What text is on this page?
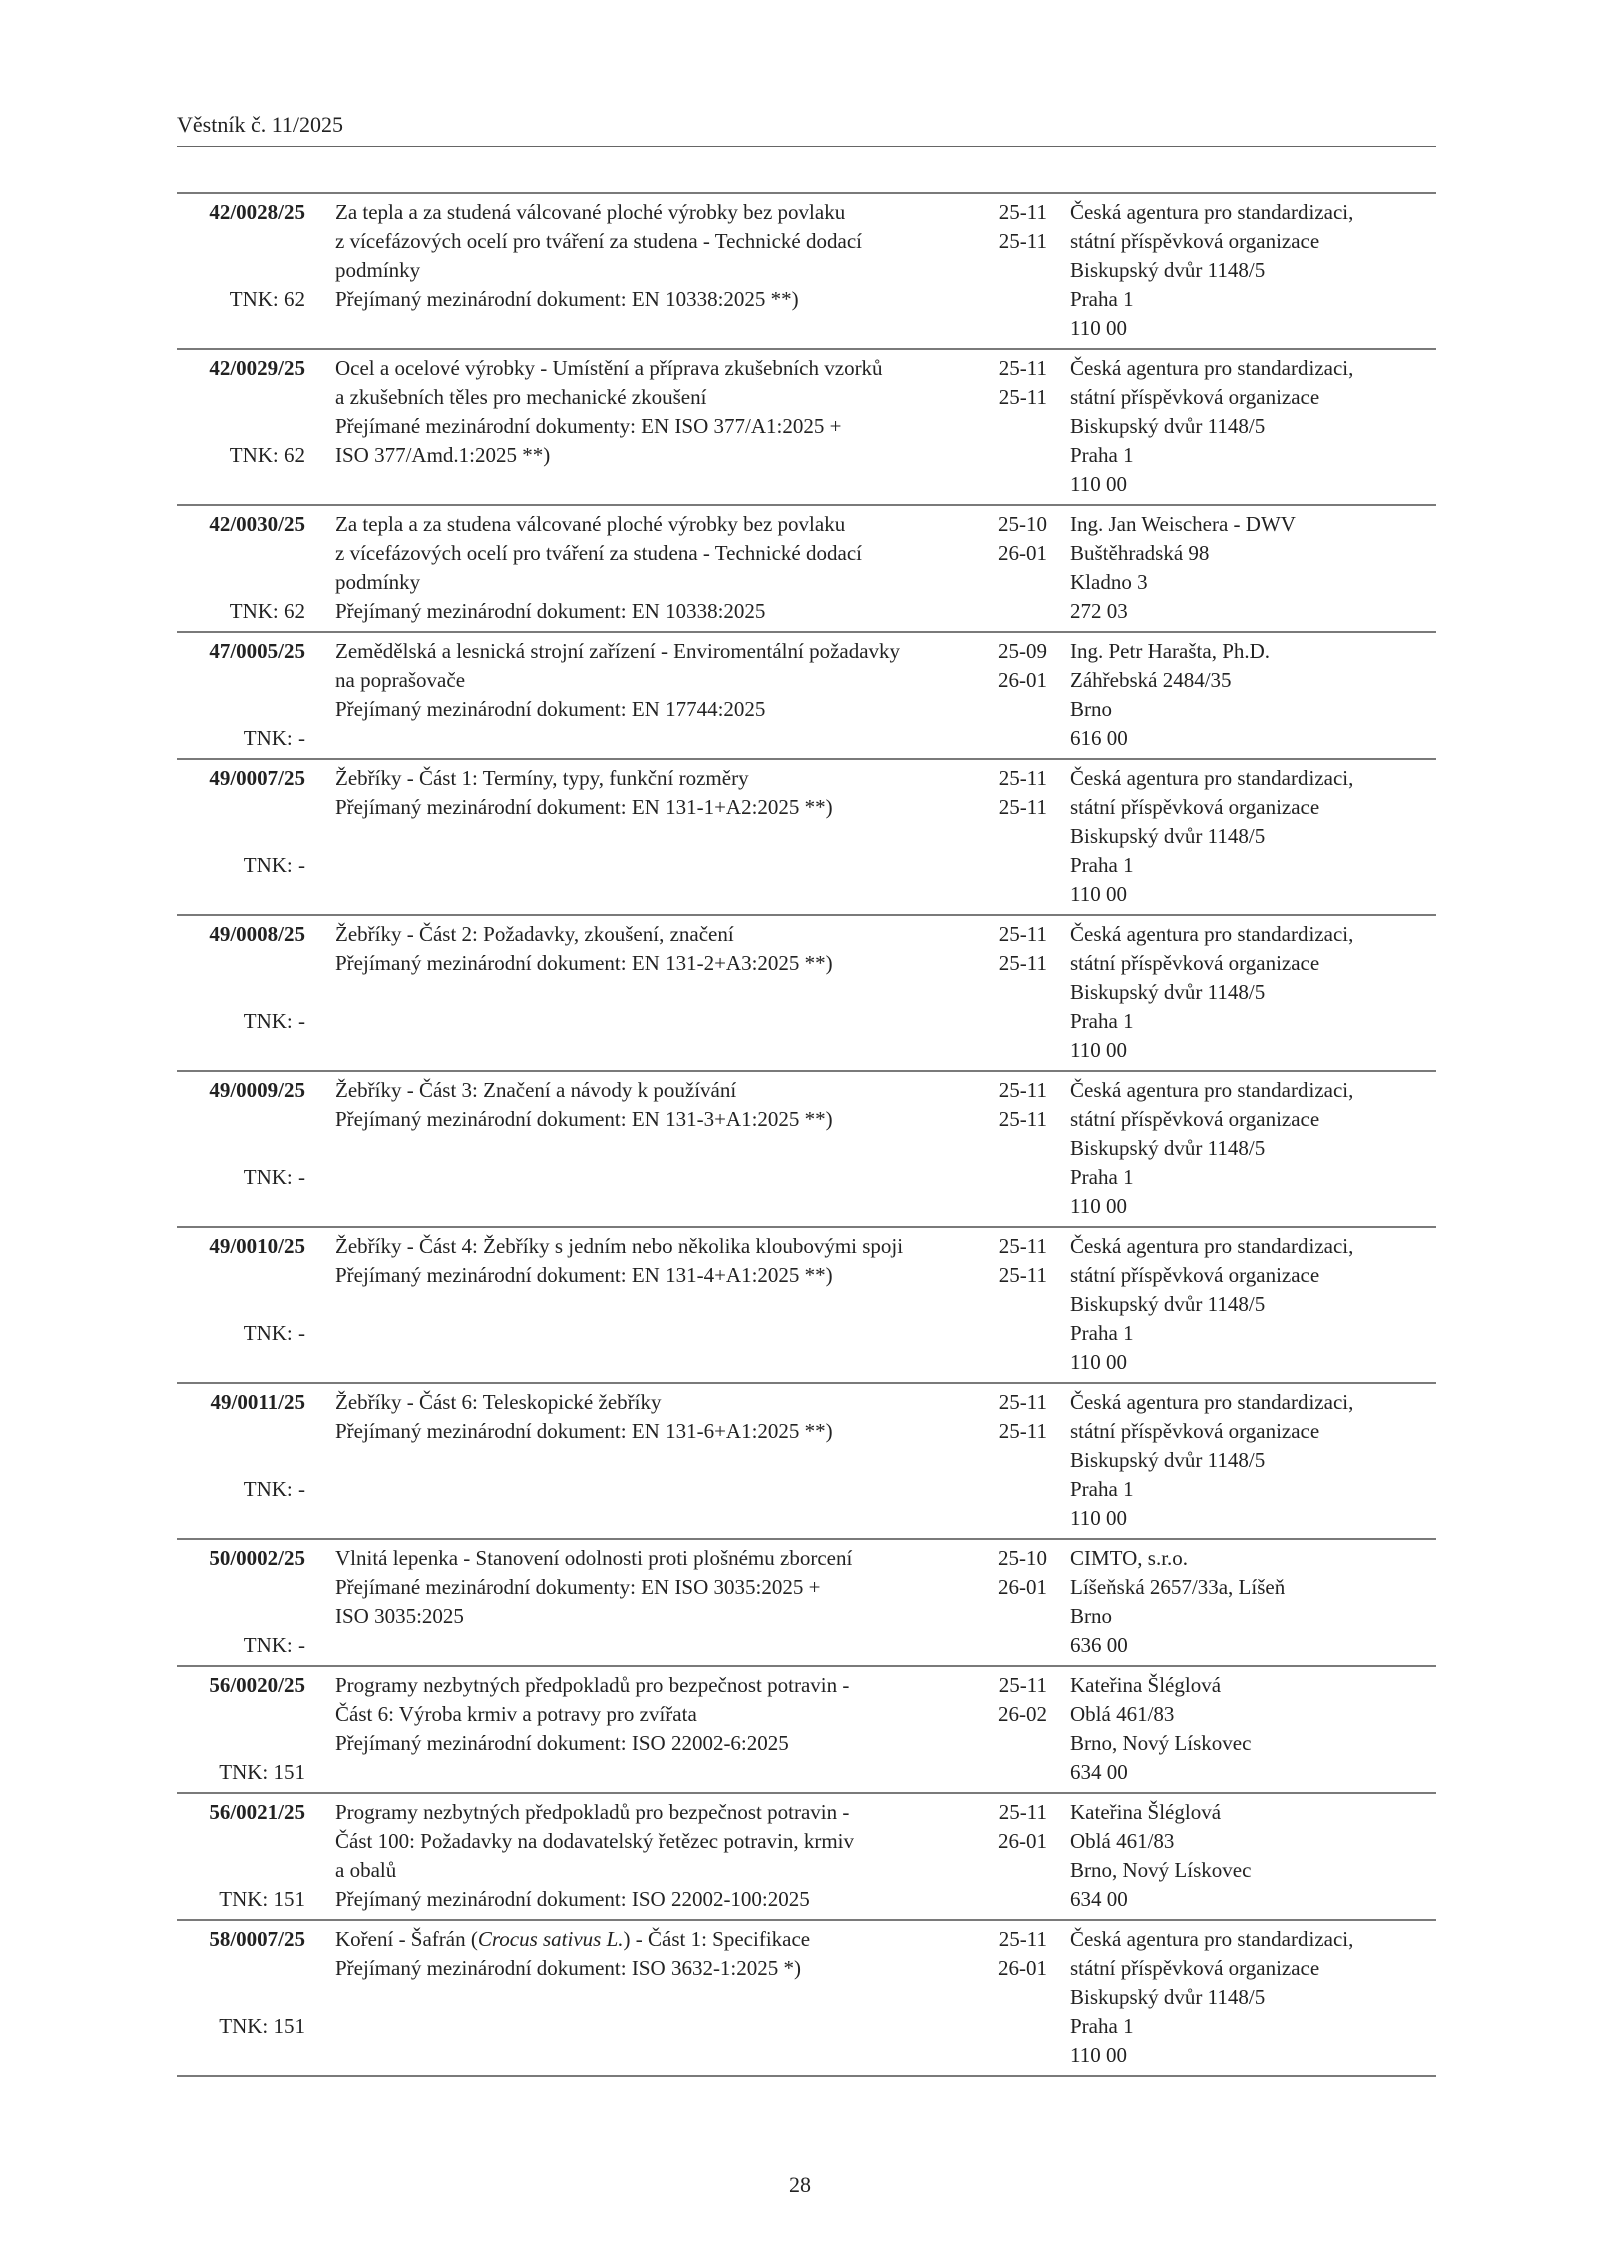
Věstník č. 11/2025
42/0028/25
TNK: 62
Za tepla a za studená válcované ploché výrobky bez povlaku
z vícefázových ocelí pro tváření za studena - Technické dodací
podmínky
Přejímaný mezinárodní dokument: EN 10338:2025 **)
25-11
25-11
Česká agentura pro standardizaci,
státní příspěvková organizace
Biskupský dvůr 1148/5
Praha 1
110 00
42/0029/25
TNK: 62
Ocel a ocelové výrobky - Umístění a příprava zkušebních vzorků
a zkušebních těles pro mechanické zkoušení
Přejímané mezinárodní dokumenty: EN ISO 377/A1:2025 +
ISO 377/Amd.1:2025 **)
25-11
25-11
Česká agentura pro standardizaci,
státní příspěvková organizace
Biskupský dvůr 1148/5
Praha 1
110 00
42/0030/25
TNK: 62
Za tepla a za studena válcované ploché výrobky bez povlaku
z vícefázových ocelí pro tváření za studena - Technické dodací
podmínky
Přejímaný mezinárodní dokument: EN 10338:2025
25-10
26-01
Ing. Jan Weischera - DWV
Buštěhradská 98
Kladno 3
272 03
47/0005/25
TNK: -
Zemědělská a lesnická strojní zařízení - Enviromentální požadavky
na poprašovače
Přejímaný mezinárodní dokument: EN 17744:2025
25-09
26-01
Ing. Petr Harašta, Ph.D.
Záhřebská 2484/35
Brno
616 00
49/0007/25
TNK: -
Žebříky - Část 1: Termíny, typy, funkční rozměry
Přejímaný mezinárodní dokument: EN 131-1+A2:2025 **)
25-11
25-11
Česká agentura pro standardizaci,
státní příspěvková organizace
Biskupský dvůr 1148/5
Praha 1
110 00
49/0008/25
TNK: -
Žebříky - Část 2: Požadavky, zkoušení, značení
Přejímaný mezinárodní dokument: EN 131-2+A3:2025 **)
25-11
25-11
Česká agentura pro standardizaci,
státní příspěvková organizace
Biskupský dvůr 1148/5
Praha 1
110 00
49/0009/25
TNK: -
Žebříky - Část 3: Značení a návody k používání
Přejímaný mezinárodní dokument: EN 131-3+A1:2025 **)
25-11
25-11
Česká agentura pro standardizaci,
státní příspěvková organizace
Biskupský dvůr 1148/5
Praha 1
110 00
49/0010/25
TNK: -
Žebříky - Část 4: Žebříky s jedním nebo několika kloubovými spoji
Přejímaný mezinárodní dokument: EN 131-4+A1:2025 **)
25-11
25-11
Česká agentura pro standardizaci,
státní příspěvková organizace
Biskupský dvůr 1148/5
Praha 1
110 00
49/0011/25
TNK: -
Žebříky - Část 6: Teleskopické žebříky
Přejímaný mezinárodní dokument: EN 131-6+A1:2025 **)
25-11
25-11
Česká agentura pro standardizaci,
státní příspěvková organizace
Biskupský dvůr 1148/5
Praha 1
110 00
50/0002/25
TNK: -
Vlnitá lepenka - Stanovení odolnosti proti plošnému zborcení
Přejímané mezinárodní dokumenty: EN ISO 3035:2025 +
ISO 3035:2025
25-10
26-01
CIMTO, s.r.o.
Líšeňská 2657/33a, Líšeň
Brno
636 00
56/0020/25
TNK: 151
Programy nezbytných předpokladů pro bezpečnost potravin -
Část 6: Výroba krmiv a potravy pro zvířata
Přejímaný mezinárodní dokument: ISO 22002-6:2025
25-11
26-02
Kateřina Šléglová
Oblá 461/83
Brno, Nový Lískovec
634 00
56/0021/25
TNK: 151
Programy nezbytných předpokladů pro bezpečnost potravin -
Část 100: Požadavky na dodavatelský řetězec potravin, krmiv
a obalů
Přejímaný mezinárodní dokument: ISO 22002-100:2025
25-11
26-01
Kateřina Šléglová
Oblá 461/83
Brno, Nový Lískovec
634 00
58/0007/25
TNK: 151
Koření - Šafrán (Crocus sativus L.) - Část 1: Specifikace
Přejímaný mezinárodní dokument: ISO 3632-1:2025 *)
25-11
26-01
Česká agentura pro standardizaci,
státní příspěvková organizace
Biskupský dvůr 1148/5
Praha 1
110 00
28
